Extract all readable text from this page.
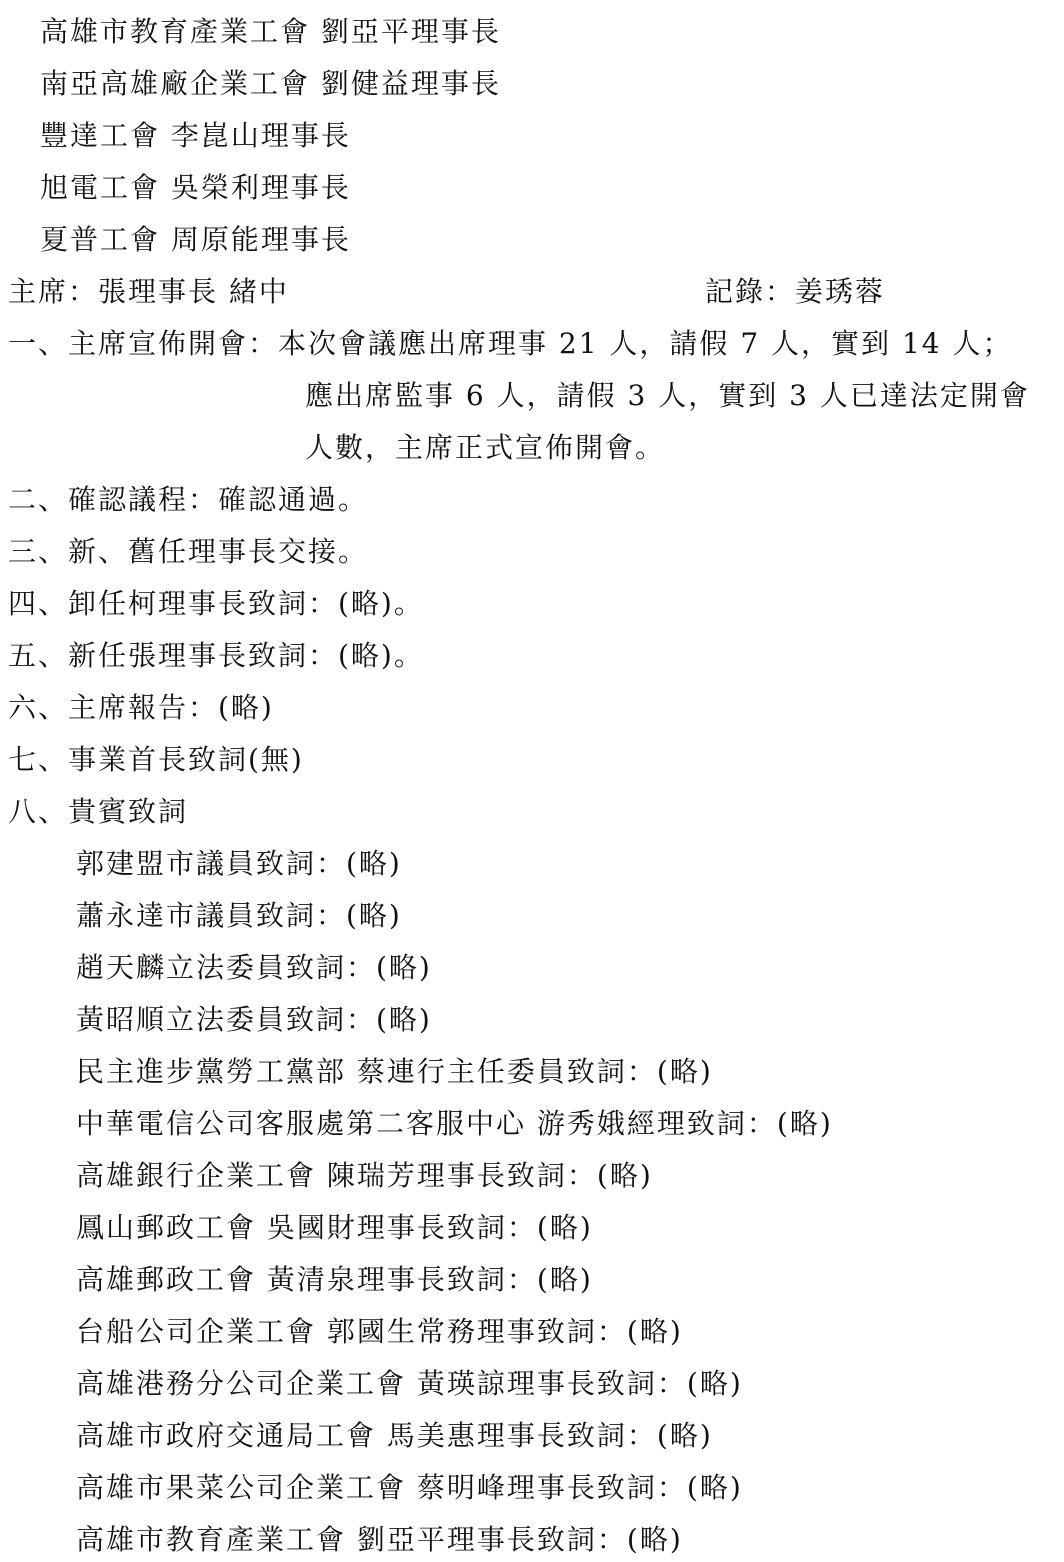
高雄市教育產業工會 劉亞平理事長
南亞高雄廠企業工會 劉健益理事長
豐達工會 李崑山理事長
旭電工會 吳榮利理事長
夏普工會 周原能理事長
主席：張理事長 緒中	記錄：姜琇蓉
一、主席宣佈開會：本次會議應出席理事 21 人，請假 7 人，實到 14 人；
應出席監事 6 人，請假 3 人，實到 3 人已達法定開會
人數，主席正式宣佈開會。
二、確認議程：確認通過。
三、新、舊任理事長交接。
四、卸任柯理事長致詞：(略)。
五、新任張理事長致詞：(略)。
六、主席報告：(略)
七、事業首長致詞(無)
八、貴賓致詞
郭建盟市議員致詞：(略)
蕭永達市議員致詞：(略)
趙天麟立法委員致詞：(略)
黃昭順立法委員致詞：(略)
民主進步黨勞工黨部 蔡連行主任委員致詞：(略)
中華電信公司客服處第二客服中心 游秀娥經理致詞：(略)
高雄銀行企業工會 陳瑞芳理事長致詞：(略)
鳳山郵政工會 吳國財理事長致詞：(略)
高雄郵政工會 黃清泉理事長致詞：(略)
台船公司企業工會 郭國生常務理事致詞：(略)
高雄港務分公司企業工會 黃瑛諒理事長致詞：(略)
高雄市政府交通局工會 馬美惠理事長致詞：(略)
高雄市果菜公司企業工會 蔡明峰理事長致詞：(略)
高雄市教育產業工會 劉亞平理事長致詞：(略)
